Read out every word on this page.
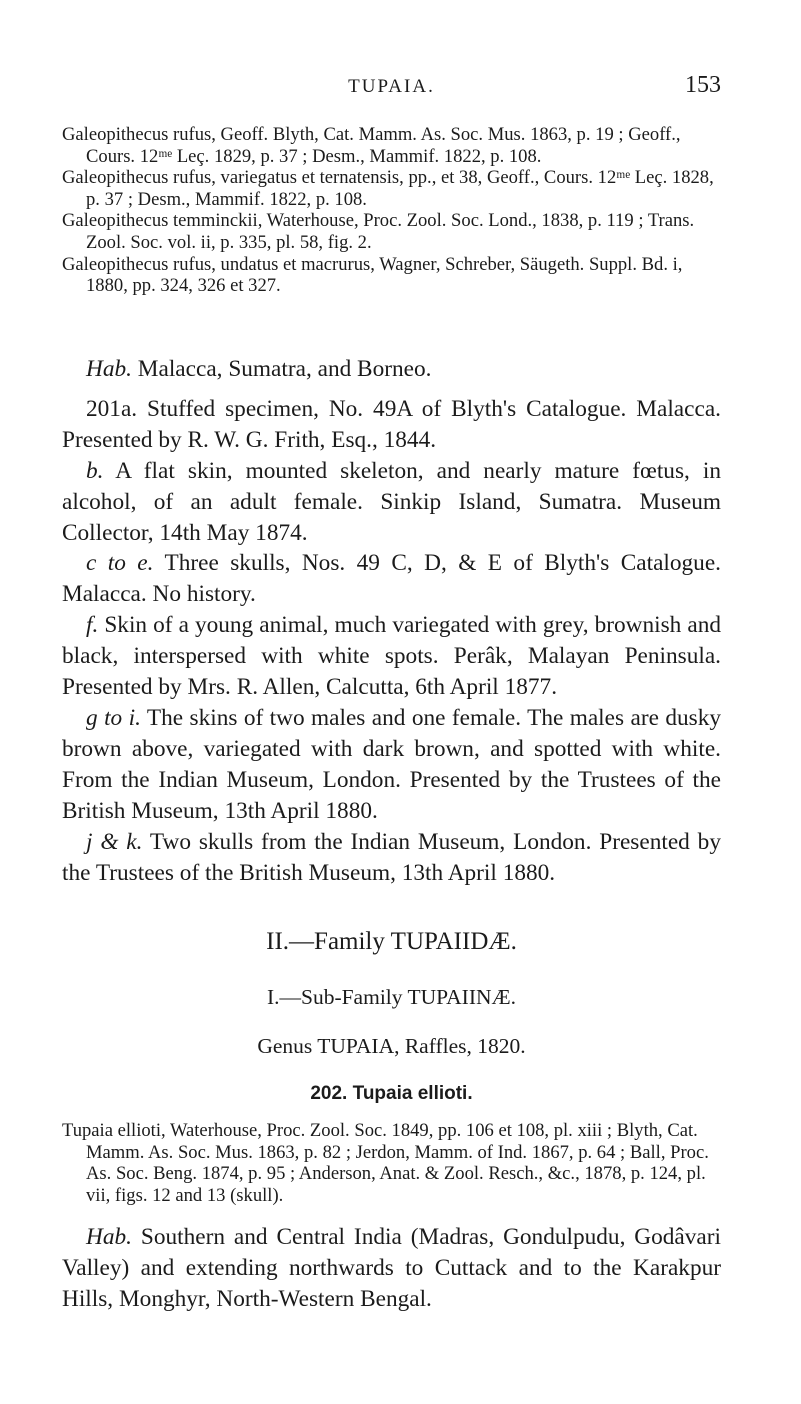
TUPAIA.	153

Galeopithecus rufus, Geoff. Blyth, Cat. Mamm. As. Soc. Mus. 1863, p. 19 ; Geoff., Cours. 12ᵐᵉ Leç. 1829, p. 37 ; Desm., Mammif. 1822, p. 108.

Galeopithecus rufus, variegatus et ternatensis, pp., et 38, Geoff., Cours. 12ᵐᵉ Leç. 1828, p. 37 ; Desm., Mammif. 1822, p. 108.

Galeopithecus temminckii, Waterhouse, Proc. Zool. Soc. Lond., 1838, p. 119 ; Trans. Zool. Soc. vol. ii, p. 335, pl. 58, fig. 2.

Galeopithecus rufus, undatus et macrurus, Wagner, Schreber, Säugeth. Suppl. Bd. i, 1880, pp. 324, 326 et 327.

Hab. Malacca, Sumatra, and Borneo.

201a. Stuffed specimen, No. 49A of Blyth's Catalogue. Malacca. Presented by R. W. G. Frith, Esq., 1844.

b. A flat skin, mounted skeleton, and nearly mature fœtus, in alcohol, of an adult female. Sinkip Island, Sumatra. Museum Collector, 14th May 1874.

c to e. Three skulls, Nos. 49 C, D, & E of Blyth's Catalogue. Malacca. No history.

f. Skin of a young animal, much variegated with grey, brownish and black, interspersed with white spots. Perâk, Malayan Peninsula. Presented by Mrs. R. Allen, Calcutta, 6th April 1877.

g to i. The skins of two males and one female. The males are dusky brown above, variegated with dark brown, and spotted with white. From the Indian Museum, London. Presented by the Trustees of the British Museum, 13th April 1880.

j & k. Two skulls from the Indian Museum, London. Presented by the Trustees of the British Museum, 13th April 1880.

II.—Family TUPAIIDÆ.
I.—Sub-Family TUPAIINÆ.
Genus TUPAIA, Raffles, 1820.
202. Tupaia ellioti.

Tupaia ellioti, Waterhouse, Proc. Zool. Soc. 1849, pp. 106 et 108, pl. xiii ; Blyth, Cat. Mamm. As. Soc. Mus. 1863, p. 82 ; Jerdon, Mamm. of Ind. 1867, p. 64 ; Ball, Proc. As. Soc. Beng. 1874, p. 95 ; Anderson, Anat. & Zool. Resch., &c., 1878, p. 124, pl. vii, figs. 12 and 13 (skull).

Hab. Southern and Central India (Madras, Gondulpudu, Godâvari Valley) and extending northwards to Cuttack and to the Karakpur Hills, Monghyr, North-Western Bengal.
